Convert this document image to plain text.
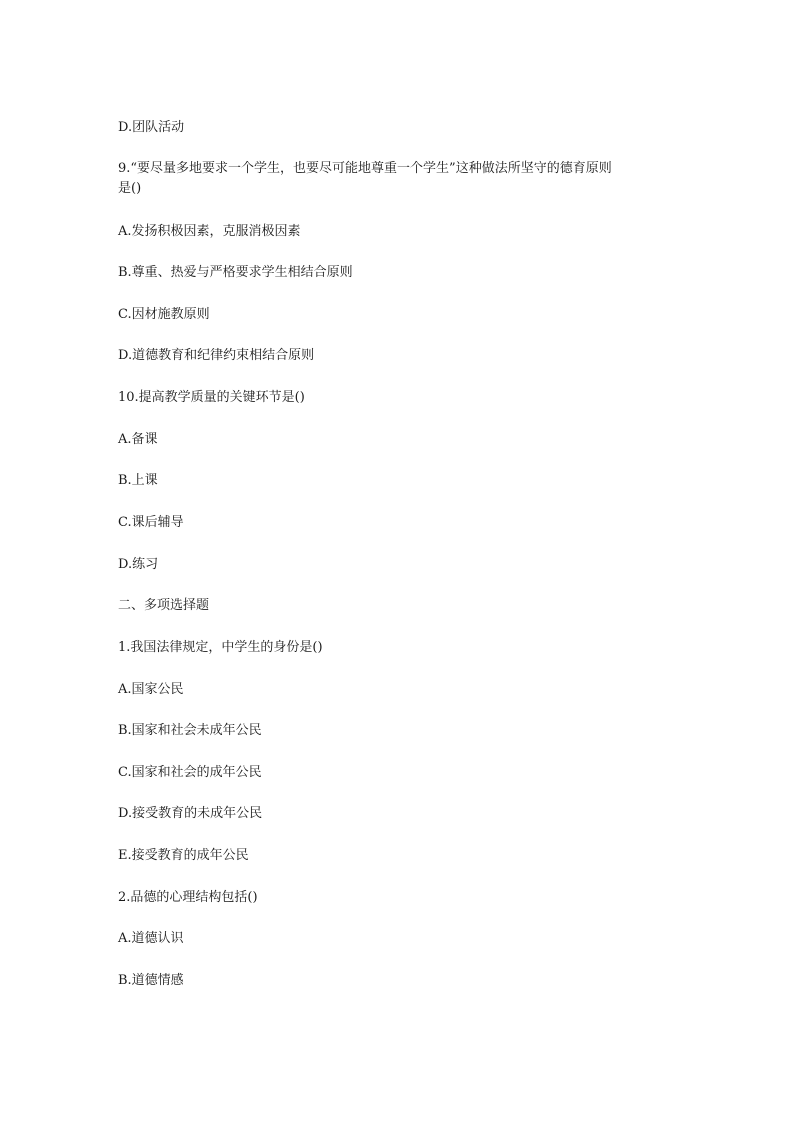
D.团队活动
9.“要尽量多地要求一个学生，也要尽可能地尊重一个学生”这种做法所坚守的德育原则
是()
A.发扬积极因素，克服消极因素
B.尊重、热爱与严格要求学生相结合原则
C.因材施教原则
D.道德教育和纪律约束相结合原则
10.提高教学质量的关键环节是()
A.备课
B.上课
C.课后辅导
D.练习
二、多项选择题
1.我国法律规定，中学生的身份是()
A.国家公民
B.国家和社会未成年公民
C.国家和社会的成年公民
D.接受教育的未成年公民
E.接受教育的成年公民
2.品德的心理结构包括()
A.道德认识
B.道德情感
